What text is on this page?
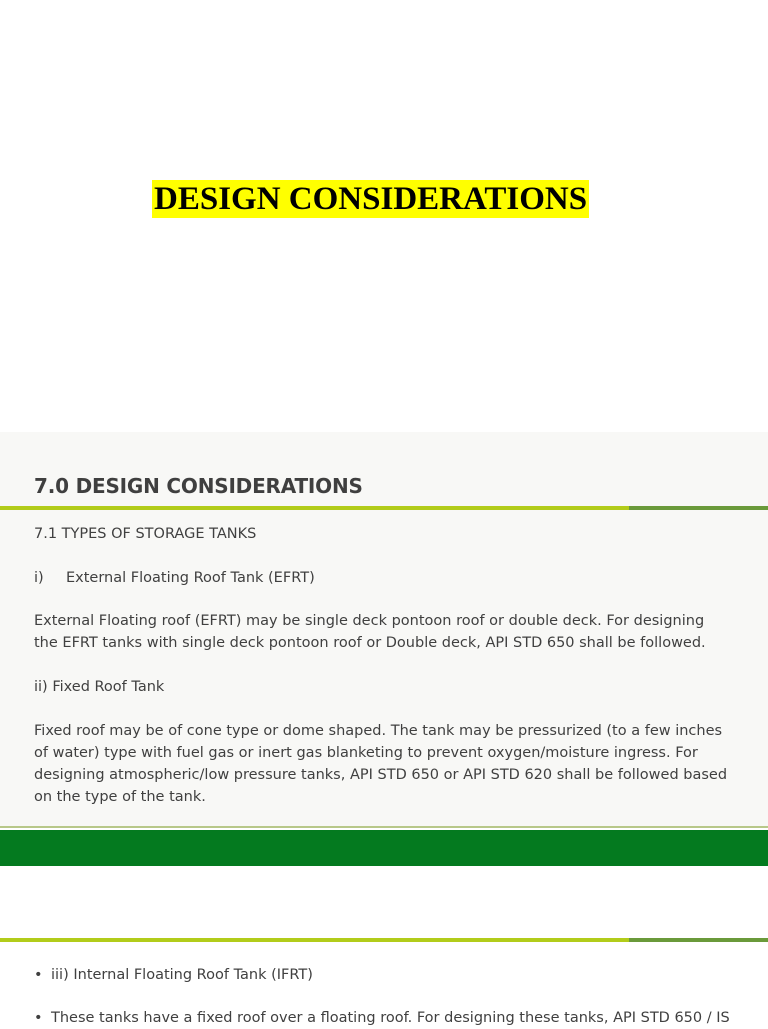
DESIGN CONSIDERATIONS
7.0 DESIGN CONSIDERATIONS
7.1 TYPES OF STORAGE TANKS
i) External Floating Roof Tank (EFRT)
External Floating roof (EFRT) may be single deck pontoon roof or double deck. For designing
the EFRT tanks with single deck pontoon roof or Double deck, API STD 650 shall be followed.
ii) Fixed Roof Tank
Fixed roof may be of cone type or dome shaped. The tank may be pressurized (to a few inches
of water) type with fuel gas or inert gas blanketing to prevent oxygen/moisture ingress. For
designing atmospheric/low pressure tanks, API STD 650 or API STD 620 shall be followed based
on the type of the tank.
• iii) Internal Floating Roof Tank (IFRT)
• These tanks have a fixed roof over a floating roof. For designing these tanks, API STD 650 / IS
